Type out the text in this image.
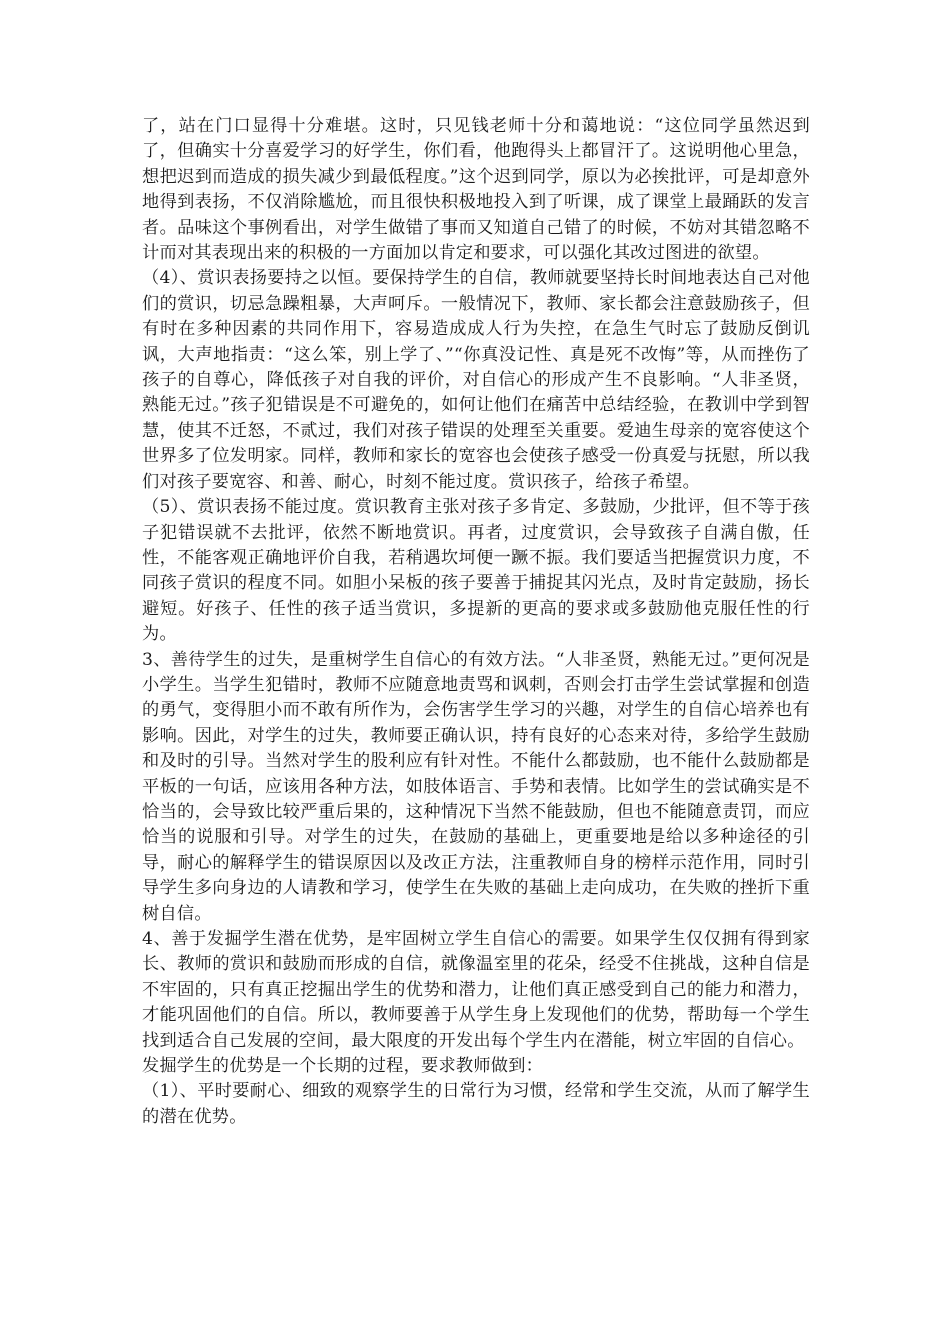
了，站在门口显得十分难堪。这时，只见钱老师十分和蔼地说：“这位同学虽然迟到了，但确实十分喜爱学习的好学生，你们看，他跑得头上都冒汗了。这说明他心里急，想把迟到而造成的损失减少到最低程度。”这个迟到同学，原以为必挨批评，可是却意外地得到表扬，不仅消除尴尬，而且很快积极地投入到了听课，成了课堂上最踊跃的发言者。品味这个事例看出，对学生做错了事而又知道自己错了的时候，不妨对其错忽略不计而对其表现出来的积极的一方面加以肯定和要求，可以强化其改过图进的欲望。

（4）、赏识表扬要持之以恒。要保持学生的自信，教师就要坚持长时间地表达自己对他们的赏识，切忌急躁粗暴，大声呵斥。一般情况下，教师、家长都会注意鼓励孩子，但有时在多种因素的共同作用下，容易造成成人行为失控，在急生气时忘了鼓励反倒讥讽，大声地指责：“这么笨，别上学了、”“你真没记性、真是死不改悔”等，从而挫伤了孩子的自尊心，降低孩子对自我的评价，对自信心的形成产生不良影响。“人非圣贤，熟能无过。”孩子犯错误是不可避免的，如何让他们在痛苦中总结经验，在教训中学到智慧，使其不迁怒，不贰过，我们对孩子错误的处理至关重要。爱迪生母亲的宽容使这个世界多了位发明家。同样，教师和家长的宽容也会使孩子感受一份真爱与抚慰，所以我们对孩子要宽容、和善、耐心，时刻不能过度。赏识孩子，给孩子希望。

（5）、赏识表扬不能过度。赏识教育主张对孩子多肯定、多鼓励，少批评，但不等于孩子犯错误就不去批评，依然不断地赏识。再者，过度赏识，会导致孩子自满自傲，任性，不能客观正确地评价自我，若稍遇坎坷便一蹶不振。我们要适当把握赏识力度，不同孩子赏识的程度不同。如胆小呆板的孩子要善于捕捉其闪光点，及时肯定鼓励，扬长避短。好孩子、任性的孩子适当赏识，多提新的更高的要求或多鼓励他克服任性的行为。

3、善待学生的过失，是重树学生自信心的有效方法。“人非圣贤，熟能无过。”更何况是小学生。当学生犯错时，教师不应随意地责骂和讽刺，否则会打击学生尝试掌握和创造的勇气，变得胆小而不敢有所作为，会伤害学生学习的兴趣，对学生的自信心培养也有影响。因此，对学生的过失，教师要正确认识，持有良好的心态来对待，多给学生鼓励和及时的引导。当然对学生的股利应有针对性。不能什么都鼓励，也不能什么鼓励都是平板的一句话，应该用各种方法，如肢体语言、手势和表情。比如学生的尝试确实是不恰当的，会导致比较严重后果的，这种情况下当然不能鼓励，但也不能随意责罚，而应恰当的说服和引导。对学生的过失，在鼓励的基础上，更重要地是给以多种途径的引导，耐心的解释学生的错误原因以及改正方法，注重教师自身的榜样示范作用，同时引导学生多向身边的人请教和学习，使学生在失败的基础上走向成功，在失败的挫折下重树自信。

4、善于发掘学生潜在优势，是牢固树立学生自信心的需要。如果学生仅仅拥有得到家长、教师的赏识和鼓励而形成的自信，就像温室里的花朵，经受不住挑战，这种自信是不牢固的，只有真正挖掘出学生的优势和潜力，让他们真正感受到自己的能力和潜力，才能巩固他们的自信。所以，教师要善于从学生身上发现他们的优势，帮助每一个学生找到适合自己发展的空间，最大限度的开发出每个学生内在潜能，树立牢固的自信心。

发掘学生的优势是一个长期的过程，要求教师做到：

（1）、平时要耐心、细致的观察学生的日常行为习惯，经常和学生交流，从而了解学生的潜在优势。
